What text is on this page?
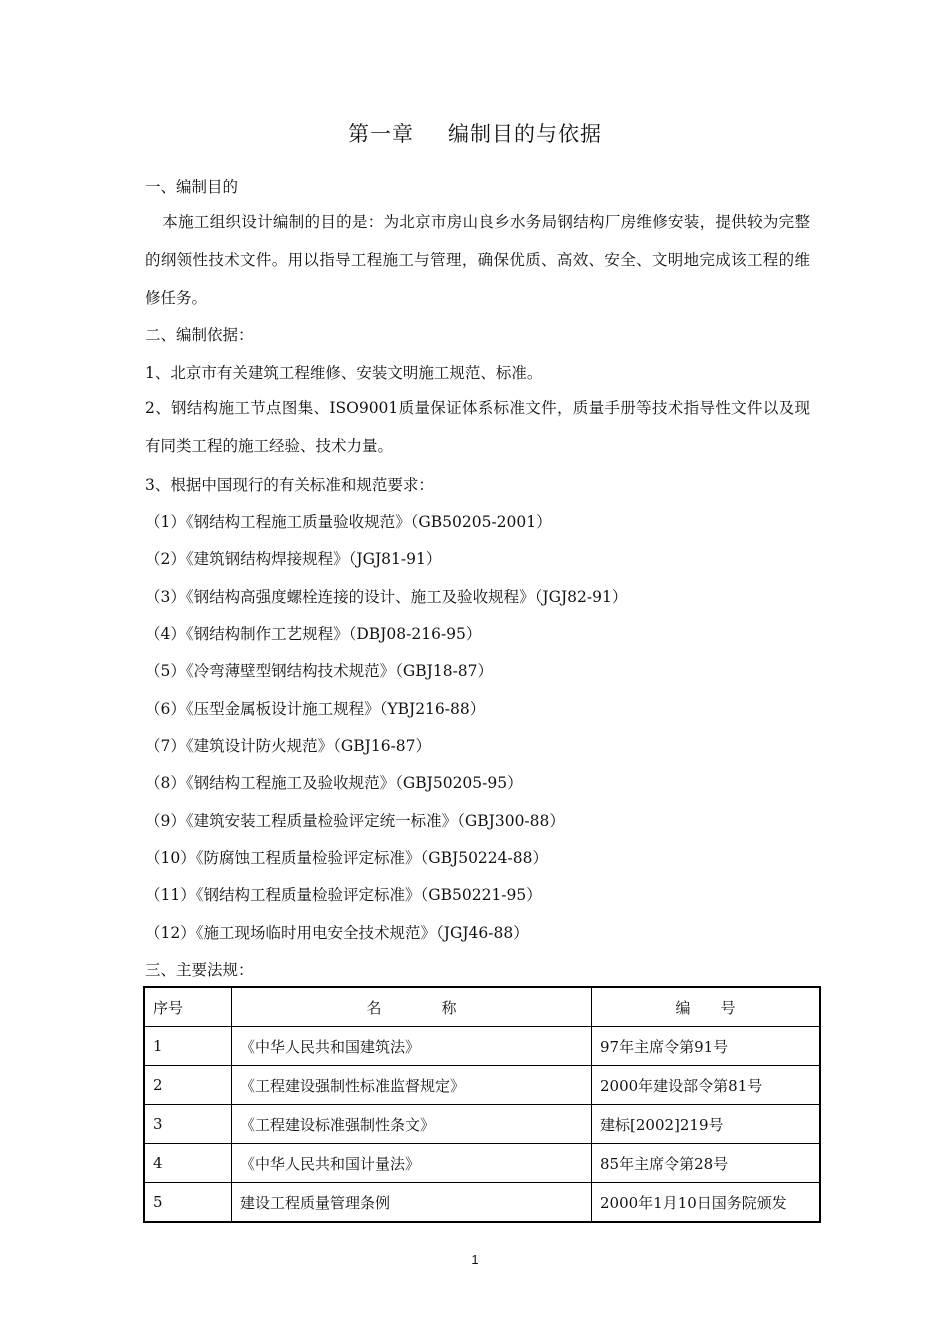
第一章 编制目的与依据
一、编制目的
本施工组织设计编制的目的是：为北京市房山良乡水务局钢结构厂房维修安装，提供较为完整的纲领性技术文件。用以指导工程施工与管理，确保优质、高效、安全、文明地完成该工程的维修任务。
二、编制依据：
1、北京市有关建筑工程维修、安装文明施工规范、标准。
2、钢结构施工节点图集、ISO9001质量保证体系标准文件，质量手册等技术指导性文件以及现有同类工程的施工经验、技术力量。
3、根据中国现行的有关标准和规范要求：
（1）《钢结构工程施工质量验收规范》（GB50205-2001）
（2）《建筑钢结构焊接规程》（JGJ81-91）
（3）《钢结构高强度螺栓连接的设计、施工及验收规程》（JGJ82-91）
（4）《钢结构制作工艺规程》（DBJ08-216-95）
（5）《冷弯薄壁型钢结构技术规范》（GBJ18-87）
（6）《压型金属板设计施工规程》（YBJ216-88）
（7）《建筑设计防火规范》（GBJ16-87）
（8）《钢结构工程施工及验收规范》（GBJ50205-95）
（9）《建筑安装工程质量检验评定统一标准》（GBJ300-88）
（10）《防腐蚀工程质量检验评定标准》（GBJ50224-88）
（11）《钢结构工程质量检验评定标准》（GB50221-95）
（12）《施工现场临时用电安全技术规范》（JGJ46-88）
三、主要法规：
序号	名　　　　称	编　　号
1	《中华人民共和国建筑法》	97年主席令第91号
2	《工程建设强制性标准监督规定》	2000年建设部令第81号
3	《工程建设标准强制性条文》	建标[2002]219号
4	《中华人民共和国计量法》	85年主席令第28号
5	建设工程质量管理条例	2000年1月10日国务院颁发
1
